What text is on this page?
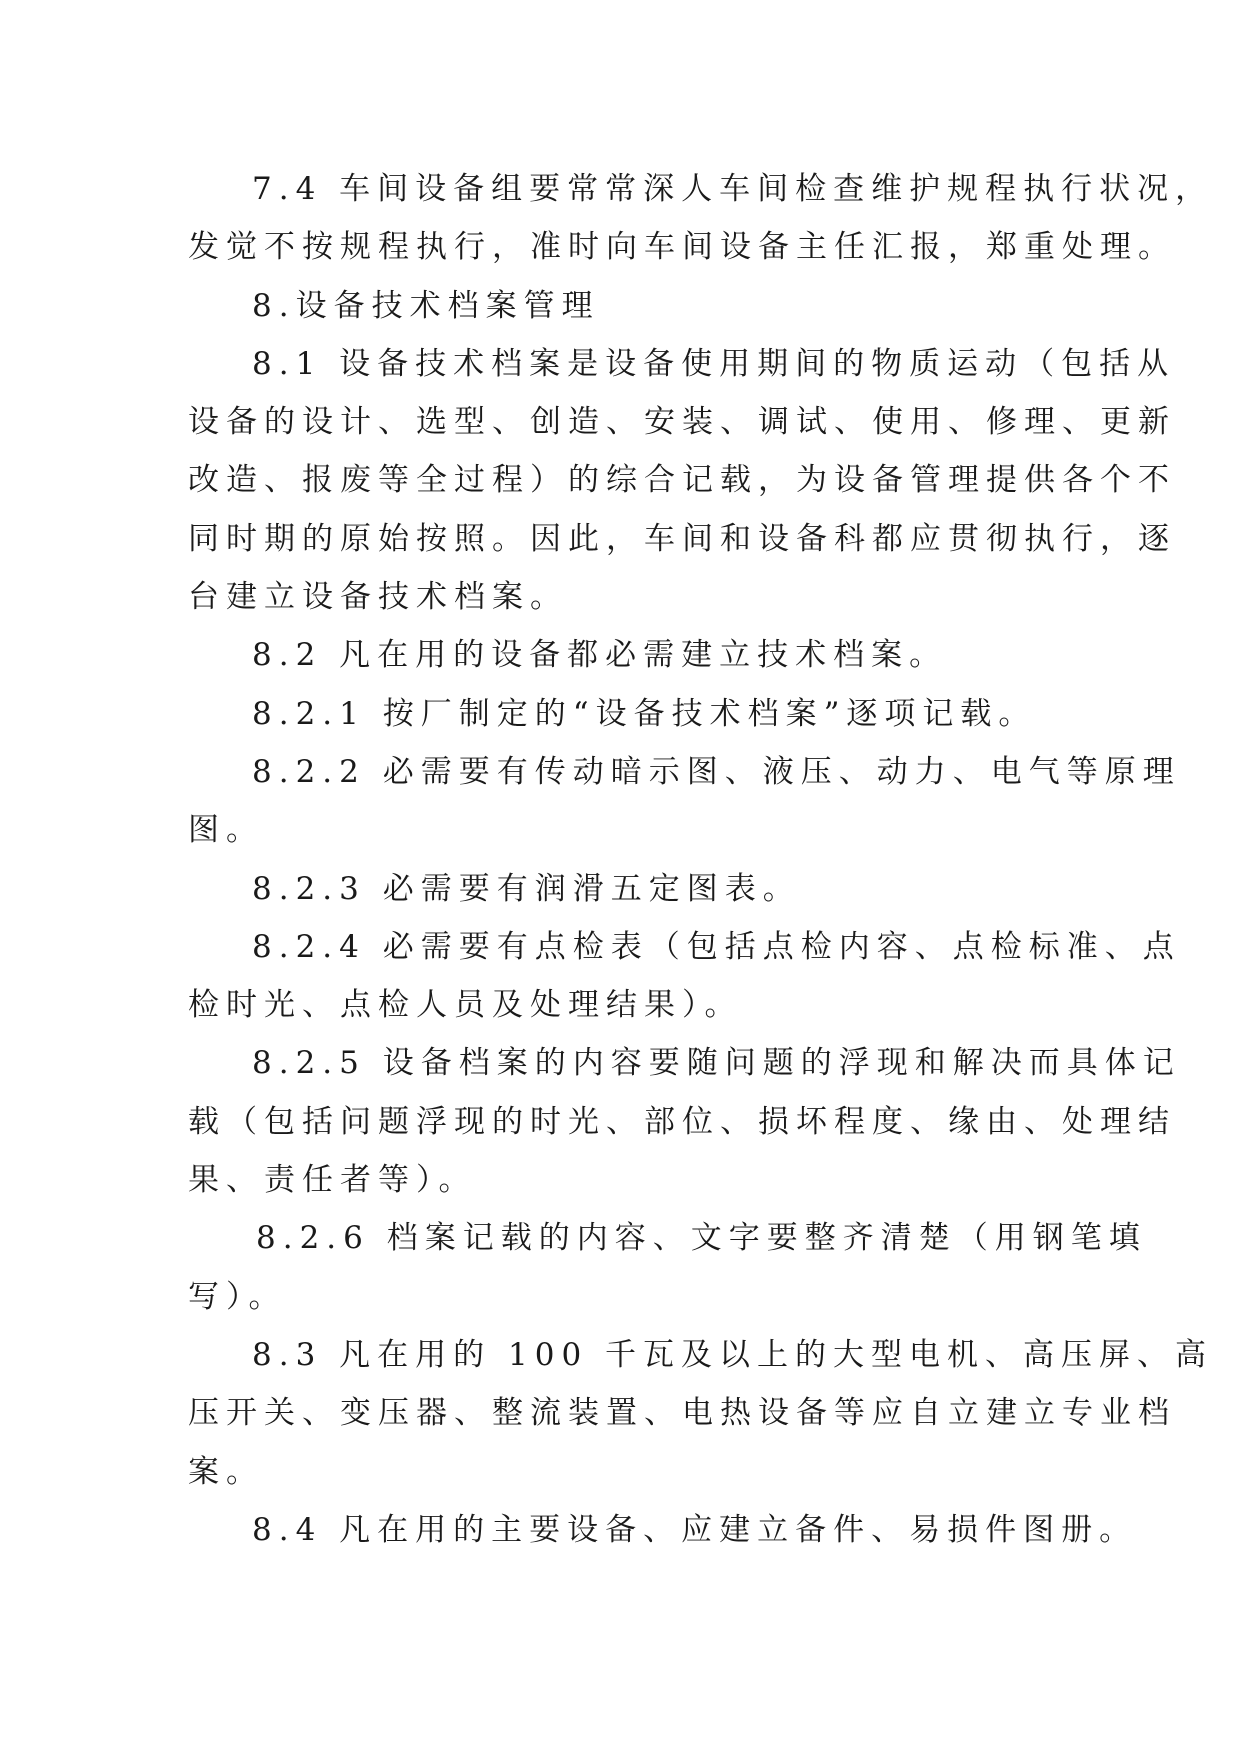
7.4 车间设备组要常常深人车间检查维护规程执行状况，
发觉不按规程执行，准时向车间设备主任汇报，郑重处理。
8.设备技术档案管理
8.1 设备技术档案是设备使用期间的物质运动（包括从
设备的设计、选型、创造、安装、调试、使用、修理、更新
改造、报废等全过程）的综合记载，为设备管理提供各个不
同时期的原始按照。因此，车间和设备科都应贯彻执行，逐
台建立设备技术档案。
8.2 凡在用的设备都必需建立技术档案。
8.2.1 按厂制定的“设备技术档案”逐项记载。
8.2.2 必需要有传动暗示图、液压、动力、电气等原理
图。
8.2.3 必需要有润滑五定图表。
8.2.4 必需要有点检表（包括点检内容、点检标准、点
检时光、点检人员及处理结果）。
8.2.5 设备档案的内容要随问题的浮现和解决而具体记
载（包括问题浮现的时光、部位、损坏程度、缘由、处理结
果、责任者等）。
8.2.6 档案记载的内容、文字要整齐清楚（用钢笔填
写）。
8.3 凡在用的 100 千瓦及以上的大型电机、高压屏、高
压开关、变压器、整流装置、电热设备等应自立建立专业档
案。
8.4 凡在用的主要设备、应建立备件、易损件图册。
